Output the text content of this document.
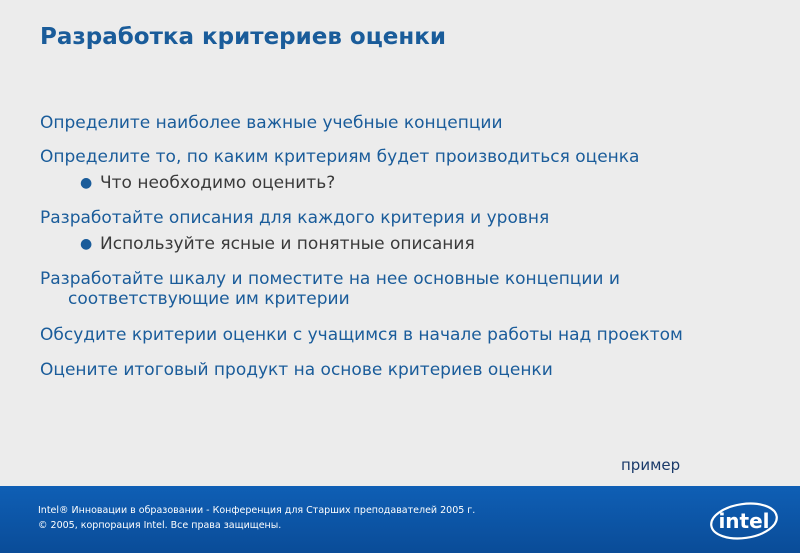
Разработка критериев оценки

Определите наиболее важные учебные концепции

Определите то, по каким критериям будет производиться оценка

● Что необходимо оценить?

Разработайте описания для каждого критерия и уровня

● Используйте ясные и понятные описания

Разработайте шкалу и поместите на нее основные концепции и
соответствующие им критерии

Обсудите критерии оценки с учащимся в начале работы над проектом

Оцените итоговый продукт на основе критериев оценки

пример
Intel® Инновации в образовании - Конференция для Старших преподавателей 2005 г.
© 2005, корпорация Intel. Все права защищены.	intel
